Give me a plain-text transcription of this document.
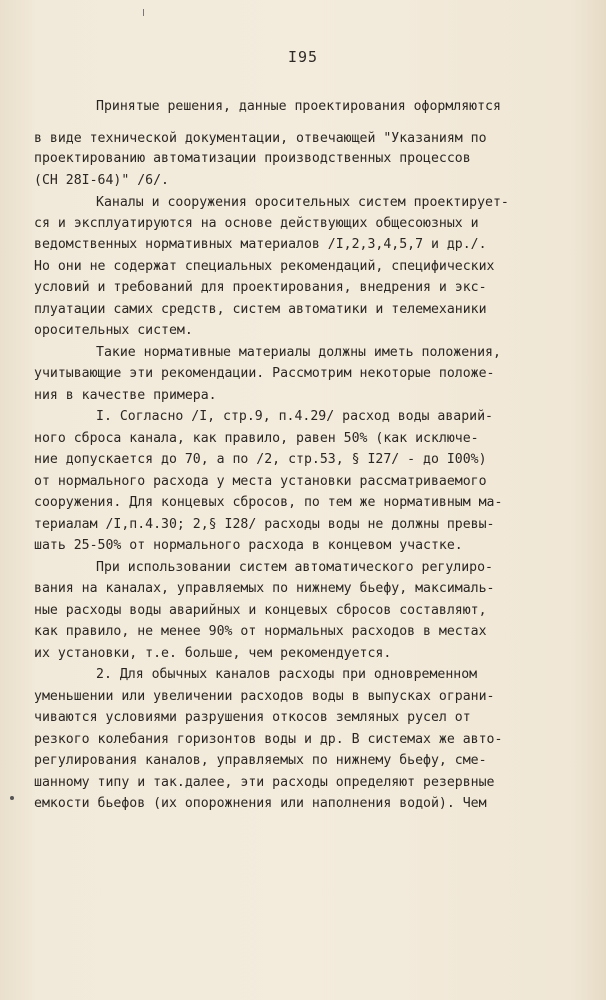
I95
Принятые решения, данные проектирования оформляются
в виде технической документации, отвечающей "Указаниям по
проектированию автоматизации производственных процессов
(СН 28I-64)" /6/.
Каналы и сооружения оросительных систем проектирует-
ся и эксплуатируются на основе действующих общесоюзных и
ведомственных нормативных материалов /I,2,3,4,5,7 и др./.
Но они не содержат специальных рекомендаций, специфических
условий и требований для проектирования, внедрения и экс-
плуатации самих средств, систем автоматики и телемеханики
оросительных систем.
Такие нормативные материалы должны иметь положения,
учитывающие эти рекомендации. Рассмотрим некоторые положе-
ния в качестве примера.
I. Согласно /I, стр.9, п.4.29/ расход воды аварий-
ного сброса канала, как правило, равен 50% (как исключе-
ние допускается до 70, а по /2, стр.53, § I27/ - до I00%)
от нормального расхода у места установки рассматриваемого
сооружения. Для концевых сбросов, по тем же нормативным ма-
териалам /I,п.4.30; 2,§ I28/ расходы воды не должны превы-
шать 25-50% от нормального расхода в концевом участке.
При использовании систем автоматического регулиро-
вания на каналах, управляемых по нижнему бьефу, максималь-
ные расходы воды аварийных и концевых сбросов составляют,
как правило, не менее 90% от нормальных расходов в местах
их установки, т.е. больше, чем рекомендуется.
2. Для обычных каналов расходы при одновременном
уменьшении или увеличении расходов воды в выпусках ограни-
чиваются условиями разрушения откосов земляных русел от
резкого колебания горизонтов воды и др. В системах же авто-
регулирования каналов, управляемых по нижнему бьефу, сме-
шанному типу и так.далее, эти расходы определяют резервные
емкости бьефов (их опорожнения или наполнения водой). Чем
